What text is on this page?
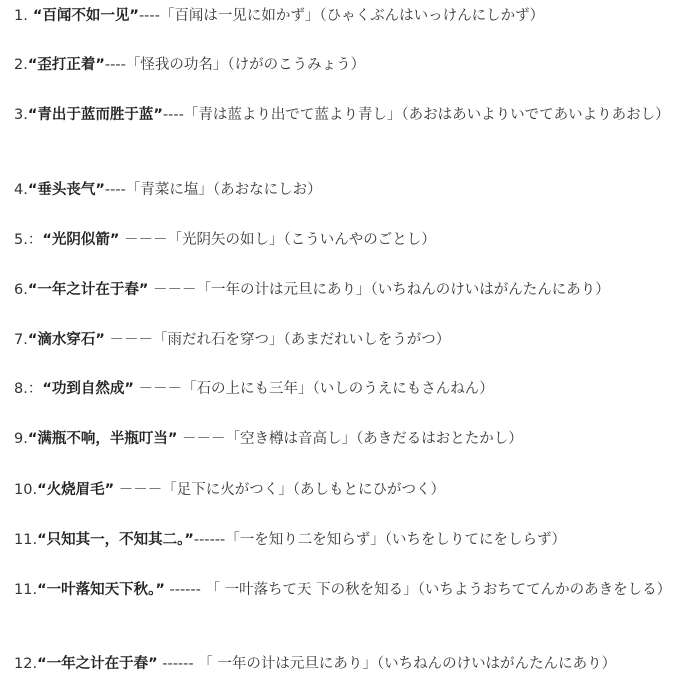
1. “百闻不如一见”----「百闻は一见に如かず」（ひゃくぶんはいっけんにしかず）
2.“歪打正着”----「怪我の功名」（けがのこうみょう）
3.“青出于蓝而胜于蓝”----「青は蓝より出でて蓝より青し」（あおはあいよりいでてあいよりあおし）
4.“垂头丧气”----「青菜に塩」（あおなにしお）
5.：“光阴似箭” －－－「光阴矢の如し」（こういんやのごとし）
6.“一年之计在于春” －－－「一年の计は元旦にあり」（いちねんのけいはがんたんにあり）
7.“滴水穿石” －－－「雨だれ石を穿つ」（あまだれいしをうがつ）
8.：“功到自然成” －－－「石の上にも三年」（いしのうえにもさんねん）
9.“满瓶不响，半瓶叮当” －－－「空き樽は音高し」（あきだるはおとたかし）
10.“火烧眉毛” －－－「足下に火がつく」（あしもとにひがつく）
11.“只知其一，不知其二。”------「一を知り二を知らず」（いちをしりてにをしらず）
11.“一叶落知天下秋。” ------ 「 一叶落ちて天 下の秋を知る」（いちようおちててんかのあきをしる）
12.“一年之计在于春” ------ 「 一年の计は元旦にあり」（いちねんのけいはがんたんにあり）
